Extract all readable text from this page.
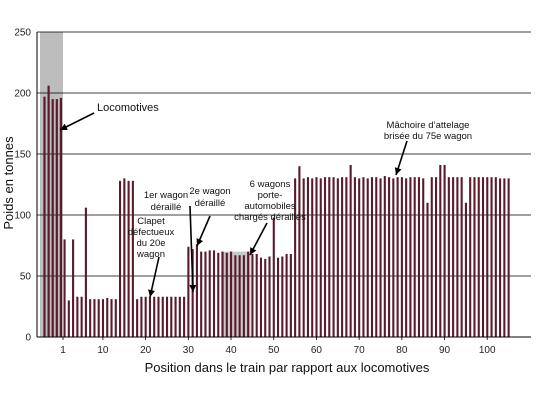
0
50
100
150
200
250
1	10	20	30	40	50	60	70	80	90	100
Locomotives
1er wagon déraillé
Clapet défectueux du 20e wagon
2e wagon déraillé
6 wagons porte-automobiles chargés déraillés
Mâchoire d’attelage brisée du 75e wagon
Poids en tonnes
Position dans le train par rapport aux locomotives
